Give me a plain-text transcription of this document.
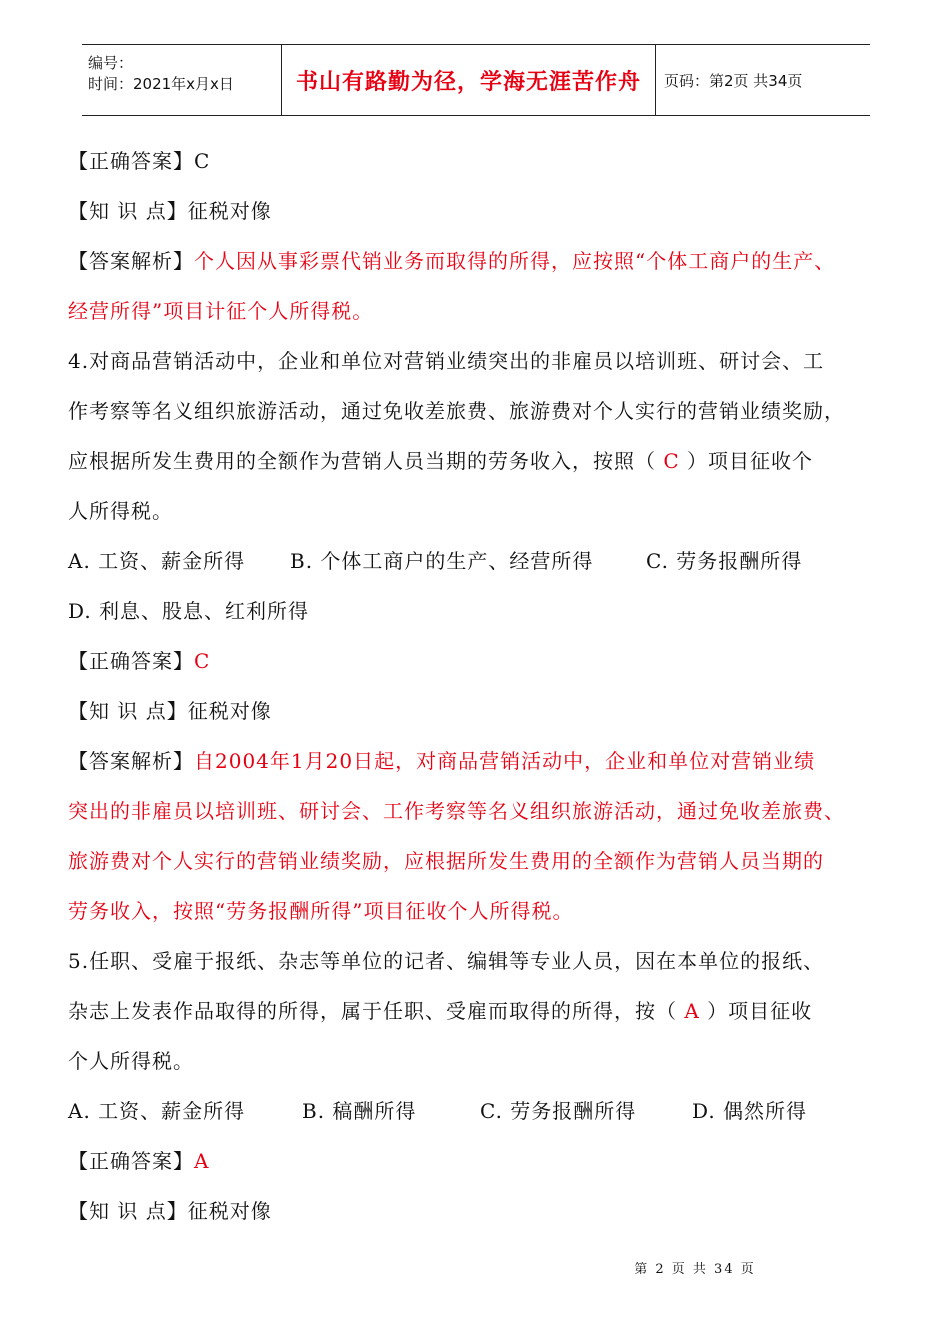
编号：
时间：2021年x月x日	书山有路勤为径，学海无涯苦作舟	页码：第2页 共34页
【正确答案】C
【知 识 点】征税对像
【答案解析】个人因从事彩票代销业务而取得的所得，应按照“个体工商户的生产、
经营所得”项目计征个人所得税。
4.对商品营销活动中，企业和单位对营销业绩突出的非雇员以培训班、研讨会、工
作考察等名义组织旅游活动，通过免收差旅费、旅游费对个人实行的营销业绩奖励，
应根据所发生费用的全额作为营销人员当期的劳务收入，按照（ C ）项目征收个
人所得税。
A. 工资、薪金所得 B. 个体工商户的生产、经营所得	C. 劳务报酬所得
D. 利息、股息、红利所得
【正确答案】C
【知 识 点】征税对像
【答案解析】自2004年1月20日起，对商品营销活动中，企业和单位对营销业绩
突出的非雇员以培训班、研讨会、工作考察等名义组织旅游活动，通过免收差旅费、
旅游费对个人实行的营销业绩奖励，应根据所发生费用的全额作为营销人员当期的
劳务收入，按照“劳务报酬所得”项目征收个人所得税。
5.任职、受雇于报纸、杂志等单位的记者、编辑等专业人员，因在本单位的报纸、
杂志上发表作品取得的所得，属于任职、受雇而取得的所得，按（ A ）项目征收
个人所得税。
A. 工资、薪金所得	B. 稿酬所得	C. 劳务报酬所得	D. 偶然所得
【正确答案】A
【知 识 点】征税对像
第 2 页 共 34 页
